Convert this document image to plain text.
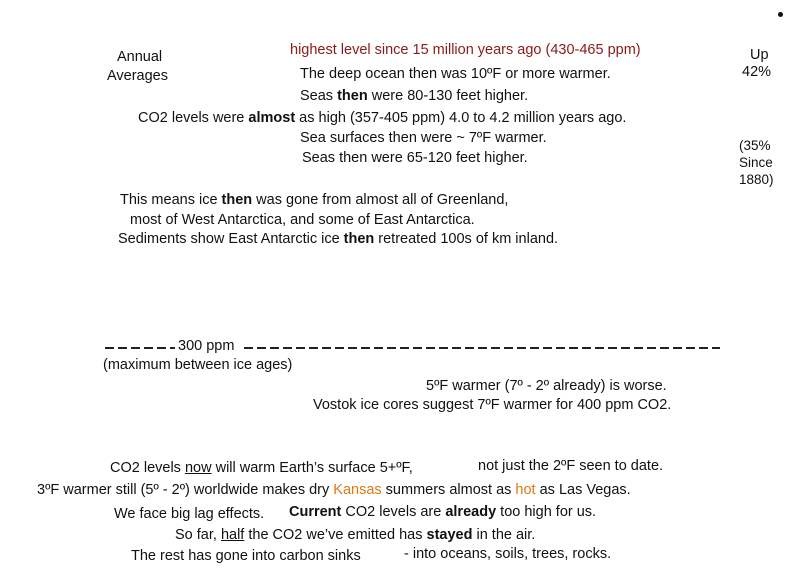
Annual
Averages
Up
42%
(35%
Since
1880)
highest level since 15 million years ago (430-465 ppm)
The deep ocean then was 10ºF or more warmer.
Seas then were 80-130 feet higher.
CO2 levels were almost as high (357-405 ppm) 4.0 to 4.2 million years ago.
Sea surfaces then were ~ 7ºF warmer.
Seas then were 65-120 feet higher.
This means ice then was gone from almost all of Greenland,
most of West Antarctica, and some of East Antarctica.
Sediments show East Antarctic ice then retreated 100s of km inland.
300 ppm
(maximum between ice ages)
5ºF warmer (7º - 2º already) is worse.
Vostok ice cores suggest 7ºF warmer for 400 ppm CO2.
CO2 levels now will warm Earth’s surface 5+ºF,	not just the 2ºF seen to date.
3ºF warmer still (5º - 2º) worldwide makes dry Kansas summers almost as hot as Las Vegas.
We face big lag effects. Current CO2 levels are already too high for us.
So far, half the CO2 we’ve emitted has stayed in the air.
The rest has gone into carbon sinks	- into oceans, soils, trees, rocks.
